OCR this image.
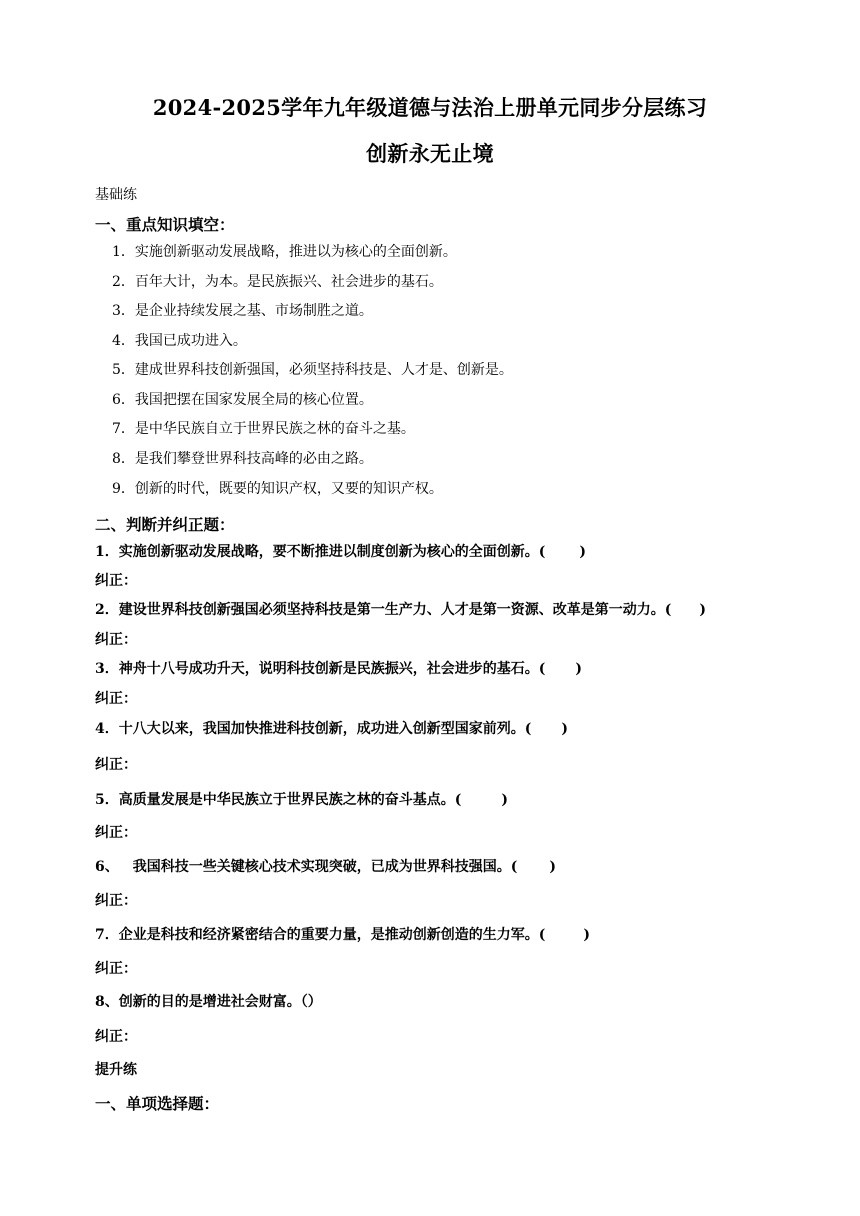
2024-2025学年九年级道德与法治上册单元同步分层练习
创新永无止境
基础练
一、重点知识填空：
1．实施创新驱动发展战略，推进以为核心的全面创新。
2．百年大计，为本。是民族振兴、社会进步的基石。
3．是企业持续发展之基、市场制胜之道。
4．我国已成功进入。
5．建成世界科技创新强国，必须坚持科技是、人才是、创新是。
6．我国把摆在国家发展全局的核心位置。
7．是中华民族自立于世界民族之林的奋斗之基。
8．是我们攀登世界科技高峰的必由之路。
9．创新的时代，既要的知识产权，又要的知识产权。
二、判断并纠正题：
1．实施创新驱动发展战略，要不断推进以制度创新为核心的全面创新。( )
纠正：
2．建设世界科技创新强国必须坚持科技是第一生产力、人才是第一资源、改革是第一动力。( )
纠正：
3．神舟十八号成功升天，说明科技创新是民族振兴，社会进步的基石。( )
纠正：
4．十八大以来，我国加快推进科技创新，成功进入创新型国家前列。( )
纠正：
5．高质量发展是中华民族立于世界民族之林的奋斗基点。(	)
纠正：
6、 我国科技一些关键核心技术实现突破，已成为世界科技强国。( )
纠正：
7．企业是科技和经济紧密结合的重要力量，是推动创新创造的生力军。(	)
纠正：
8、创新的目的是增进社会财富。（）
纠正：
提升练
一、单项选择题：
